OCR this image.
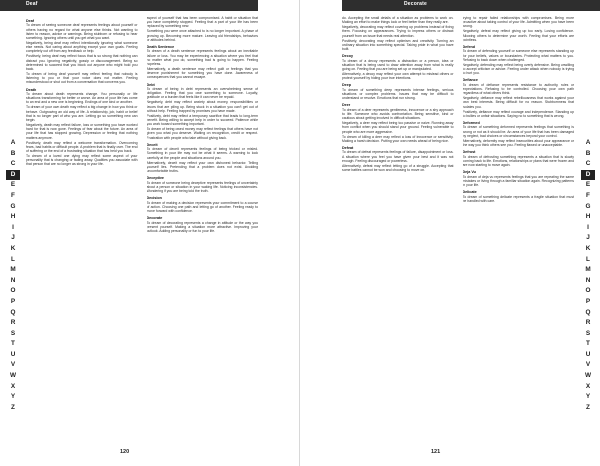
Deaf
Deaf

To dream of seeing someone deaf represents feelings about yourself or others having no regard for what anyone else thinks. Not wanting to listen to reason, advice or warnings. Being stubborn or refusing to hear something. Ignoring others until you get what you want.

Negatively, being deaf may reflect intentionally ignoring what someone else needs. Not caring about anything except your own goals. Feeling completely cut off from any feedback or help.

Positively, being deaf may reflect focus that is so strong that nothing can distract you. Ignoring negativity, gossip or discouragement. Being so determined to succeed that you block out anyone who might hold you back.

To dream of being deaf yourself may reflect feeling that nobody is listening to you or that your voice does not matter. Feeling misunderstood or shut out from a conversation that concerns you.

Death

To dream about death represents change. You personally or life situations transforming for better or worse. An area of your life has come to an end and a new one is beginning. Endings of one kind or another.

To dream of your own death may reflect a big change in how you think or behave. Outgrowing an old way of life. A relationship, job, habit or belief that is no longer part of who you are. Letting go so something new can begin.

Negatively, death may reflect failure, loss or something you have worked hard for that is now gone. Feelings of fear about the future. An area of your life that has stopped growing. Depression or feeling that nothing matters anymore.

Positively, death may reflect a welcome transformation. Overcoming fears, bad habits or difficult people. A problem that is finally over. The end of suffering or the end of a frustrating situation that has held you back.

To dream of a loved one dying may reflect some aspect of your personality that is changing or fading away. Qualities you associate with that person that are no longer as strong in your life.

aspect of yourself that has been compromised. A habit or situation that you have completely stopped. Feeling that a part of your life has been replaced by something new.

Something you were once attached to is no longer important. A phase of growing up. Becoming more mature. Leaving old friendships, behaviors or attitudes behind.

Death Sentence

To dream of a death sentence represents feelings about an inevitable failure or loss. You may be experiencing a situation where you feel that no matter what you do, something bad is going to happen. Feeling hopeless.

Alternatively, a death sentence may reflect guilt or feelings that you deserve punishment for something you have done. Awareness of consequences that you cannot escape.

Debt

To dream of being in debt represents an overwhelming sense of obligation. Feeling that you owe something to someone. Loyalty, gratitude or a burden that feels like it can never be repaid.

Negatively, debt may reflect anxiety about money, responsibilities or favors that are piling up. Being stuck in a situation you can't get out of without help. Feeling trapped by promises you have made.

Positively, debt may reflect a temporary sacrifice that leads to long-term benefit. Being willing to accept help in order to succeed. Patience while you work toward something important.

To dream of being owed money may reflect feelings that others have not given you what you deserve. Waiting on recognition, credit or respect. Frustration with people who take without giving back.

Deceit

To dream of deceit represents feelings of being tricked or misled. Something in your life may not be what it seems. A warning to look carefully at the people and situations around you.

Alternatively, deceit may reflect your own dishonest behavior. Telling yourself lies. Pretending that a problem does not exist. Avoiding uncomfortable truths.

Deceptive

To dream of someone being deceptive represents feelings of uncertainty about a person or situation in your waking life. Noticing inconsistencies. Wondering if you are being told the truth.

Decision

To dream of making a decision represents your commitment to a course of action. Choosing one path and letting go of another. Feeling ready to move forward with confidence.

Decorate

To dream of decorating represents a change in attitude or the way you present yourself. Making a situation more attractive. Improving your outlook. Adding personality or fun to your life.

A
B
C
D
E
F
G
H
I
J
K
L
M
N
O
P
Q
R
S
T
U
V
W
X
Y
Z
120
Decorate

do. Accepting the small details of a situation as problems to work on. Making an effort to make things look or feel better than they really are.

Negatively, decorating may reflect covering up problems instead of fixing them. Focusing on appearances. Trying to impress others or distract yourself from an issue that needs real attention.

Positively, decorating may reflect optimism and creativity. Turning an ordinary situation into something special. Taking pride in what you have built.

Decoy

To dream of a decoy represents a distraction or a person, idea or situation that is being used to draw attention away from what is really going on. Feeling that you are being set up or manipulated.

Alternatively, a decoy may reflect your own attempt to mislead others or protect yourself by hiding your true intentions.

Deep

To dream of something deep represents intense feelings, serious situations or complex problems. Issues that may be difficult to understand or resolve. Emotions that run strong.

Deer

To dream of a deer represents gentleness, innocence or a shy approach to life. Someone who avoids confrontation. Being sensitive, kind or cautious about getting involved in difficult situations.

Negatively, a deer may reflect being too passive or naive. Running away from conflict when you should stand your ground. Feeling vulnerable to people who are more aggressive.

To dream of killing a deer may reflect a loss of innocence or sensitivity. Making a harsh decision. Putting your own needs ahead of being nice.

Defeat

To dream of defeat represents feelings of failure, disappointment or loss. A situation where you feel you have given your best and it was not enough. Feeling discouraged or powerless.

Alternatively, defeat may reflect letting go of a struggle. Accepting that some battles cannot be won and choosing to move on.

trying to repair failed relationships with compromises. Being more proactive about taking control of your life. Admitting when you have been wrong.

Negatively, defeat may reflect giving up too early. Losing confidence. Allowing others to determine your worth. Feeling that your efforts are pointless.

Defend

To dream of defending yourself or someone else represents standing up for your beliefs, values or boundaries. Protecting what matters to you. Refusing to back down when challenged.

Negatively, defending may reflect being overly defensive. Being unwilling to accept criticism or advice. Feeling under attack when nobody is trying to hurt you.

Defiance

To dream of defiance represents resistance to authority, rules or expectations. Refusing to be controlled. Choosing your own path regardless of what others think.

Negatively, defiance may reflect rebelliousness that works against your own best interests. Being difficult for no reason. Stubbornness that isolates you.

Positively, defiance may reflect courage and independence. Standing up to bullies or unfair situations. Saying no to something that is wrong.

Deformed

To dream of something deformed represents feelings that something is wrong or not as it should be. An area of your life that has been damaged by neglect, bad choices or circumstances beyond your control.

Alternatively, deformity may reflect insecurities about your appearance or the way you think others see you. Feeling flawed or unacceptable.

Defrost

To dream of defrosting something represents a situation that is slowly coming back to life. Emotions, relationships or plans that were frozen and are now starting to move again.

Deja Vu

To dream of deja vu represents feelings that you are repeating the same mistakes or living through a familiar situation again. Recognizing patterns in your life.

Delicate

To dream of something delicate represents a fragile situation that must be handled with care.

A
B
C
D
E
F
G
H
I
J
K
L
M
N
O
P
Q
R
S
T
U
V
W
X
Y
Z
121
